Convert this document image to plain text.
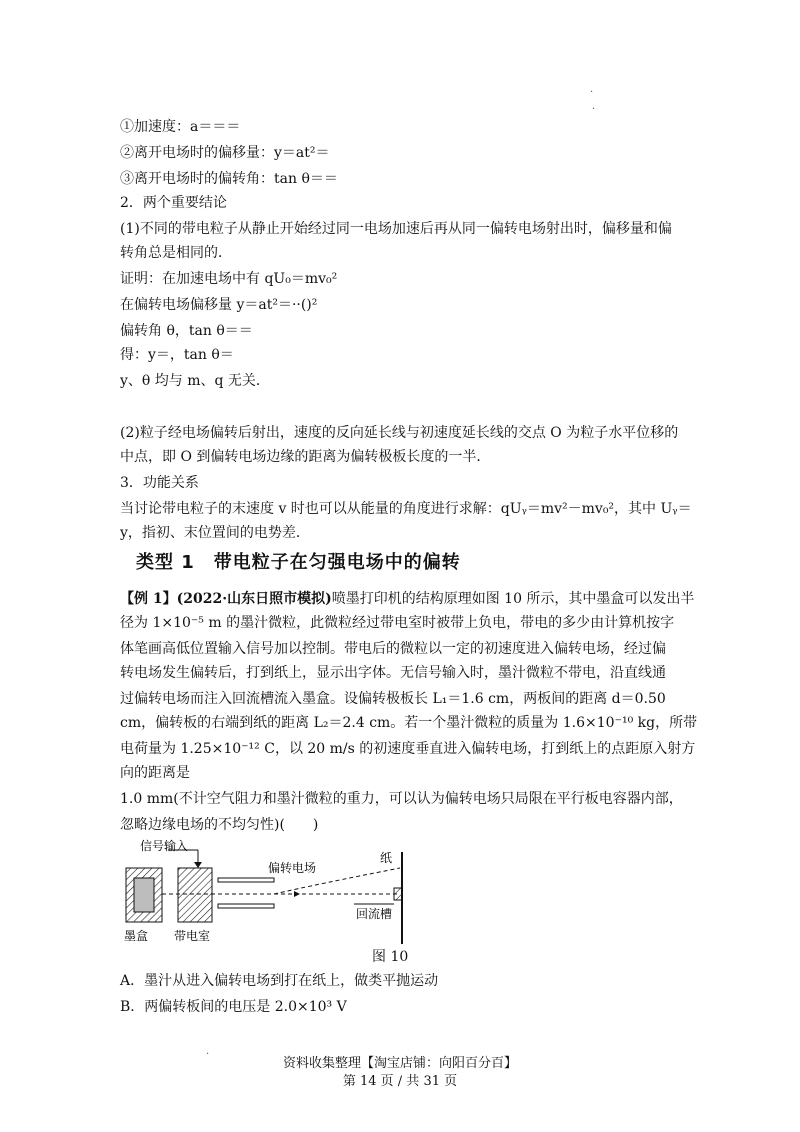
.
.
①加速度：a＝＝＝
②离开电场时的偏移量：y＝at²＝
③离开电场时的偏转角：tan θ＝＝
2．两个重要结论
(1)不同的带电粒子从静止开始经过同一电场加速后再从同一偏转电场射出时，偏移量和偏
转角总是相同的．
证明：在加速电场中有 qU₀＝mv₀²
在偏转电场偏移量 y＝at²＝··()²
偏转角 θ，tan θ＝＝
得：y＝，tan θ＝
y、θ 均与 m、q 无关．
(2)粒子经电场偏转后射出，速度的反向延长线与初速度延长线的交点 O 为粒子水平位移的
中点，即 O 到偏转电场边缘的距离为偏转极板长度的一半．
3．功能关系
当讨论带电粒子的末速度 v 时也可以从能量的角度进行求解：qUᵧ＝mv²－mv₀²，其中 Uᵧ＝
y，指初、末位置间的电势差．
类型 1　带电粒子在匀强电场中的偏转
【例 1】(2022·山东日照市模拟)喷墨打印机的结构原理如图 10 所示，其中墨盒可以发出半
径为 1×10⁻⁵ m 的墨汁微粒，此微粒经过带电室时被带上负电，带电的多少由计算机按字
体笔画高低位置输入信号加以控制。带电后的微粒以一定的初速度进入偏转电场，经过偏
转电场发生偏转后，打到纸上，显示出字体。无信号输入时，墨汁微粒不带电，沿直线通
过偏转电场而注入回流槽流入墨盒。设偏转极板长 L₁＝1.6 cm，两板间的距离 d＝0.50
cm，偏转板的右端到纸的距离 L₂＝2.4 cm。若一个墨汁微粒的质量为 1.6×10⁻¹⁰ kg，所带
电荷量为 1.25×10⁻¹² C，以 20 m/s 的初速度垂直进入偏转电场，打到纸上的点距原入射方
向的距离是
1.0 mm(不计空气阻力和墨汁微粒的重力，可以认为偏转电场只局限在平行板电容器内部，
忽略边缘电场的不均匀性)(　　)
信号输入
偏转电场
纸
墨盒 带电室
回流槽
图 10
A．墨汁从进入偏转电场到打在纸上，做类平抛运动
B．两偏转板间的电压是 2.0×10³ V
.
资料收集整理【淘宝店铺：向阳百分百】
第 14 页 / 共 31 页
